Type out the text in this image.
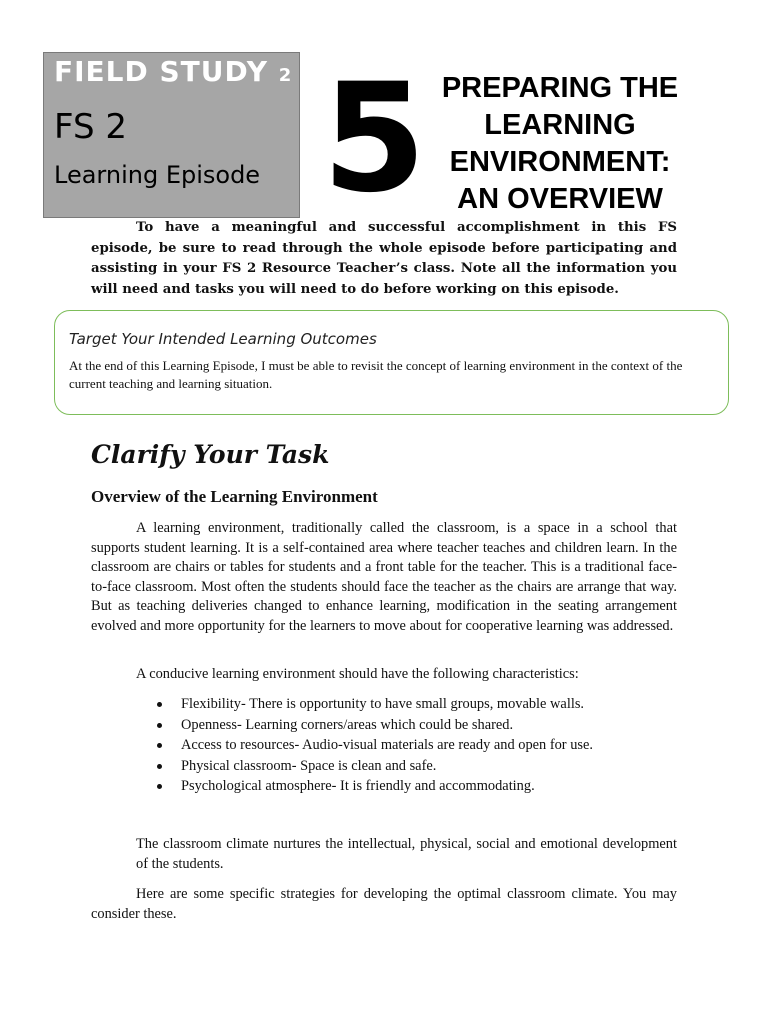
FIELD STUDY 2
FS 2
Learning Episode 5 PREPARING THE
LEARNING
ENVIRONMENT:
AN OVERVIEW
To have a meaningful and successful accomplishment in this FS episode, be sure to read through the whole episode before participating and assisting in your FS 2 Resource Teacher’s class. Note all the information you will need and tasks you will need to do before working on this episode.
Target Your Intended Learning Outcomes
At the end of this Learning Episode, I must be able to revisit the concept of learning environment in the context of the current teaching and learning situation.
Clarify Your Task
Overview of the Learning Environment

A learning environment, traditionally called the classroom, is a space in a school that supports student learning. It is a self-contained area where teacher teaches and children learn. In the classroom are chairs or tables for students and a front table for the teacher. This is a traditional face-to-face classroom. Most often the students should face the teacher as the chairs are arrange that way. But as teaching deliveries changed to enhance learning, modification in the seating arrangement evolved and more opportunity for the learners to move about for cooperative learning was addressed.

A conducive learning environment should have the following characteristics:

Flexibility- There is opportunity to have small groups, movable walls.
Openness- Learning corners/areas which could be shared.
Access to resources- Audio-visual materials are ready and open for use.
Physical classroom- Space is clean and safe.
Psychological atmosphere- It is friendly and accommodating.

The classroom climate nurtures the intellectual, physical, social and emotional development of the students.

Here are some specific strategies for developing the optimal classroom climate. You may consider these.
